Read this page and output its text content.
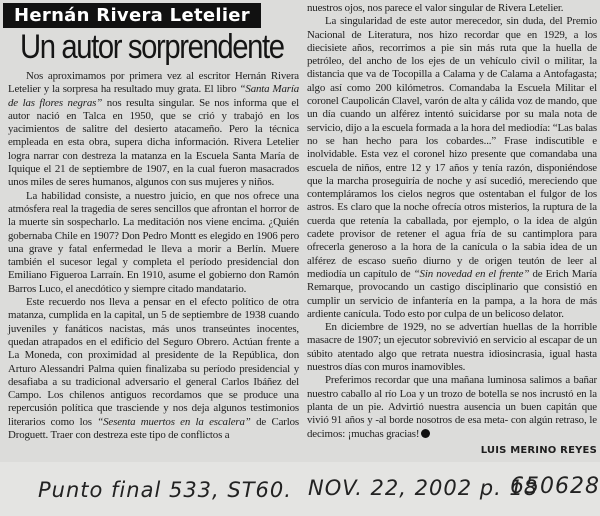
Hernán Rivera Letelier
Un autor sorprendente

Nos aproximamos por primera vez al escritor Hernán Rivera Letelier y la sorpresa ha resultado muy grata. El libro “Santa María de las flores negras” nos resulta singular. Se nos informa que el autor nació en Talca en 1950, que se crió y trabajó en los yacimientos de salitre del desierto atacameño. Pero la técnica empleada en esta obra, supera dicha información. Rivera Letelier logra narrar con destreza la matanza en la Escuela Santa María de Iquique el 21 de septiembre de 1907, en la cual fueron masacrados unos miles de seres humanos, algunos con sus mujeres y niños.

La habilidad consiste, a nuestro juicio, en que nos ofrece una atmósfera real la tragedia de seres sencillos que afrontan el horror de la muerte sin sospecharlo. La meditación nos viene encima. ¿Quién gobernaba Chile en 1907? Don Pedro Montt es elegido en 1906 pero una grave y fatal enfermedad le lleva a morir a Berlín. Muere también el sucesor legal y completa el período presidencial don Emiliano Figueroa Larraín. En 1910, asume el gobierno don Ramón Barros Luco, el anecdótico y siempre citado mandatario.

Este recuerdo nos lleva a pensar en el efecto político de otra matanza, cumplida en la capital, un 5 de septiembre de 1938 cuando juveniles y fanáticos nacistas, más unos transeúntes inocentes, quedan atrapados en el edificio del Seguro Obrero. Actúan frente a La Moneda, con proximidad al presidente de la República, don Arturo Alessandri Palma quien finalizaba su período presidencial y desafiaba a su tradicional adversario el general Carlos Ibáñez del Campo. Los chilenos antiguos recordamos que se produce una repercusión política que trasciende y nos deja algunos testimonios literarios como los “Sesenta muertos en la escalera” de Carlos Droguett. Traer con destreza este tipo de conflictos a

nuestros ojos, nos parece el valor singular de Rivera Letelier.

La singularidad de este autor merecedor, sin duda, del Premio Nacional de Literatura, nos hizo recordar que en 1929, a los diecisiete años, recorrimos a pie sin más ruta que la huella de petróleo, del ancho de los ejes de un vehículo civil o militar, la distancia que va de Tocopilla a Calama y de Calama a Antofagasta; algo así como 200 kilómetros. Comandaba la Escuela Militar el coronel Caupolicán Clavel, varón de alta y cálida voz de mando, que un día cuando un alférez intentó suicidarse por su mala nota de servicio, dijo a la escuela formada a la hora del mediodía: “Las balas no se han hecho para los cobardes...” Frase indiscutible e inolvidable. Esta vez el coronel hizo presente que comandaba una escuela de niños, entre 12 y 17 años y tenía razón, disponiéndose que la marcha proseguiría de noche y así sucedió, mereciendo que contempláramos los cielos negros que ostentaban el fulgor de los astros. Es claro que la noche ofrecía otros misterios, la ruptura de la cuerda que retenía la caballada, por ejemplo, o la idea de algún cadete provisor de retener el agua fría de su cantimplora para ofrecerla generoso a la hora de la canícula o la sabia idea de un alférez de escaso sueño diurno y de origen teutón de leer al mediodía un capítulo de “Sin novedad en el frente” de Erich María Remarque, provocando un castigo disciplinario que consistió en cumplir un servicio de infantería en la pampa, a la hora de más ardiente canícula. Todo esto por culpa de un belicoso delator.

En diciembre de 1929, no se advertían huellas de la horrible masacre de 1907; un ejecutor sobrevivió en servicio al escapar de un súbito atentado algo que retrata nuestra idiosincrasia, igual hasta nuestros días con muros inamovibles.

Preferimos recordar que una mañana luminosa salimos a bañar nuestro caballo al río Loa y un trozo de botella se nos incrustó en la planta de un pie. Advirtió nuestra ausencia un buen capitán que vivió 91 años y -al borde nosotros de esa meta- con algún retraso, le decimos: ¡muchas gracias!

LUIS MERINO REYES
Punto final 533, ST60. NOV. 22, 2002 p. 18
650628
